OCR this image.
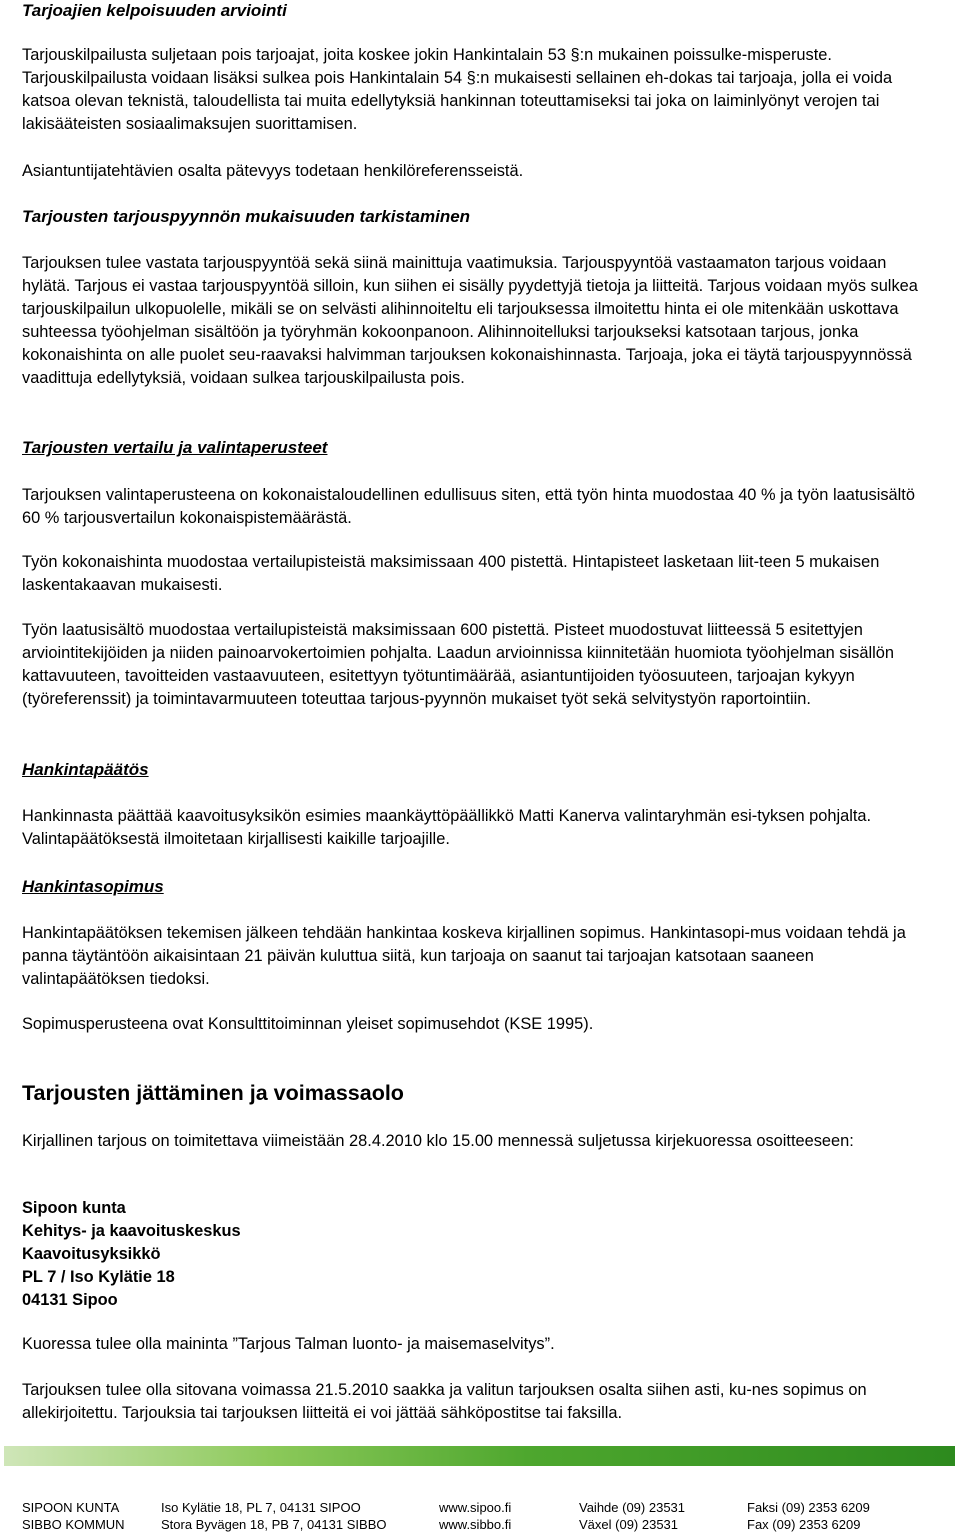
Tarjoajien kelpoisuuden arviointi

Tarjouskilpailusta suljetaan pois tarjoajat, joita koskee jokin Hankintalain 53 §:n mukainen poissulke-misperuste. Tarjouskilpailusta voidaan lisäksi sulkea pois Hankintalain 54 §:n mukaisesti sellainen eh-dokas tai tarjoaja, jolla ei voida katsoa olevan teknistä, taloudellista tai muita edellytyksiä hankinnan toteuttamiseksi tai joka on laiminlyönyt verojen tai lakisääteisten sosiaalimaksujen suorittamisen.

Asiantuntijatehtävien osalta pätevyys todetaan henkilöreferensseistä.

Tarjousten tarjouspyynnön mukaisuuden tarkistaminen

Tarjouksen tulee vastata tarjouspyyntöä sekä siinä mainittuja vaatimuksia. Tarjouspyyntöä vastaamaton tarjous voidaan hylätä. Tarjous ei vastaa tarjouspyyntöä silloin, kun siihen ei sisälly pyydettyjä tietoja ja liitteitä. Tarjous voidaan myös sulkea tarjouskilpailun ulkopuolelle, mikäli se on selvästi alihinnoiteltu eli tarjouksessa ilmoitettu hinta ei ole mitenkään uskottava suhteessa työohjelman sisältöön ja työryhmän kokoonpanoon. Alihinnoitelluksi tarjoukseksi katsotaan tarjous, jonka kokonaishinta on alle puolet seu-raavaksi halvimman tarjouksen kokonaishinnasta. Tarjoaja, joka ei täytä tarjouspyynnössä vaadittuja edellytyksiä, voidaan sulkea tarjouskilpailusta pois.

Tarjousten vertailu ja valintaperusteet

Tarjouksen valintaperusteena on kokonaistaloudellinen edullisuus siten, että työn hinta muodostaa 40 % ja työn laatusisältö 60 % tarjousvertailun kokonaispistemäärästä.

Työn kokonaishinta muodostaa vertailupisteistä maksimissaan 400 pistettä. Hintapisteet lasketaan liit-teen 5 mukaisen laskentakaavan mukaisesti.

Työn laatusisältö muodostaa vertailupisteistä maksimissaan 600 pistettä. Pisteet muodostuvat liitteessä 5 esitettyjen arviointitekijöiden ja niiden painoarvokertoimien pohjalta. Laadun arvioinnissa kiinnitetään huomiota työohjelman sisällön kattavuuteen, tavoitteiden vastaavuuteen, esitettyyn työtuntimäärää, asiantuntijoiden työosuuteen, tarjoajan kykyyn (työreferenssit) ja toimintavarmuuteen toteuttaa tarjous-pyynnön mukaiset työt sekä selvitystyön raportointiin.

Hankintapäätös

Hankinnasta päättää kaavoitusyksikön esimies maankäyttöpäällikkö Matti Kanerva valintaryhmän esi-tyksen pohjalta. Valintapäätöksestä ilmoitetaan kirjallisesti kaikille tarjoajille.

Hankintasopimus

Hankintapäätöksen tekemisen jälkeen tehdään hankintaa koskeva kirjallinen sopimus. Hankintasopi-mus voidaan tehdä ja panna täytäntöön aikaisintaan 21 päivän kuluttua siitä, kun tarjoaja on saanut tai tarjoajan katsotaan saaneen valintapäätöksen tiedoksi.

Sopimusperusteena ovat Konsulttitoiminnan yleiset sopimusehdot (KSE 1995).

Tarjousten jättäminen ja voimassaolo

Kirjallinen tarjous on toimitettava viimeistään 28.4.2010 klo 15.00 mennessä suljetussa kirjekuoressa osoitteeseen:

Sipoon kunta
Kehitys- ja kaavoituskeskus
Kaavoitusyksikkö
PL 7 / Iso Kylätie 18
04131 Sipoo

Kuoressa tulee olla maininta ”Tarjous Talman luonto- ja maisemaselvitys”.

Tarjouksen tulee olla sitovana voimassa 21.5.2010 saakka ja valitun tarjouksen osalta siihen asti, ku-nes sopimus on allekirjoitettu. Tarjouksia tai tarjouksen liitteitä ei voi jättää sähköpostitse tai faksilla.

SIPOON KUNTA	Iso Kylätie 18, PL 7, 04131 SIPOO	www.sipoo.fi	Vaihde (09) 23531	Faksi (09) 2353 6209
SIBBO KOMMUN	Stora Byvägen 18, PB 7, 04131 SIBBO	www.sibbo.fi	Växel (09) 23531	Fax (09) 2353 6209
